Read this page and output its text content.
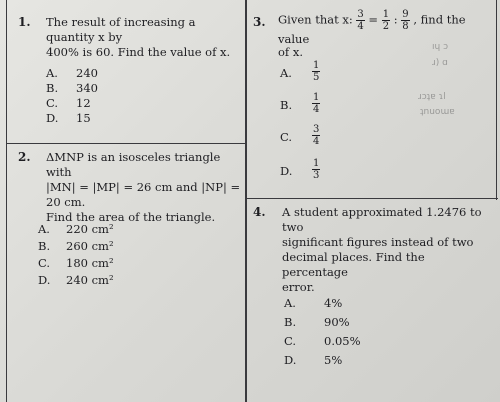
ıɥ ɔ
ɹ) ɑ
ɹɔʇɐ ɿl
ʇnuoɯɐ
1. The result of increasing a quantity x by
400% is 60. Find the value of x.
A. 240
B. 340
C. 12
D. 15
2. ΔMNP is an isosceles triangle with
|MN| = |MP| = 26 cm and |NP| = 20 cm.
Find the area of the triangle.
A. 220 cm²
B. 260 cm²
C. 180 cm²
D. 240 cm²
3. Given that x: $\frac{3}{4} = \frac{1}{2}$ : $\frac{9}{8}$ , find the value
of x.
A. $\frac{1}{5}$
B. $\frac{1}{4}$
C. $\frac{3}{4}$
D. $\frac{1}{3}$
4. A student approximated 1.2476 to two
significant figures instead of two
decimal places. Find the percentage
error.
A. 4%
B. 90%
C. 0.05%
D. 5%
